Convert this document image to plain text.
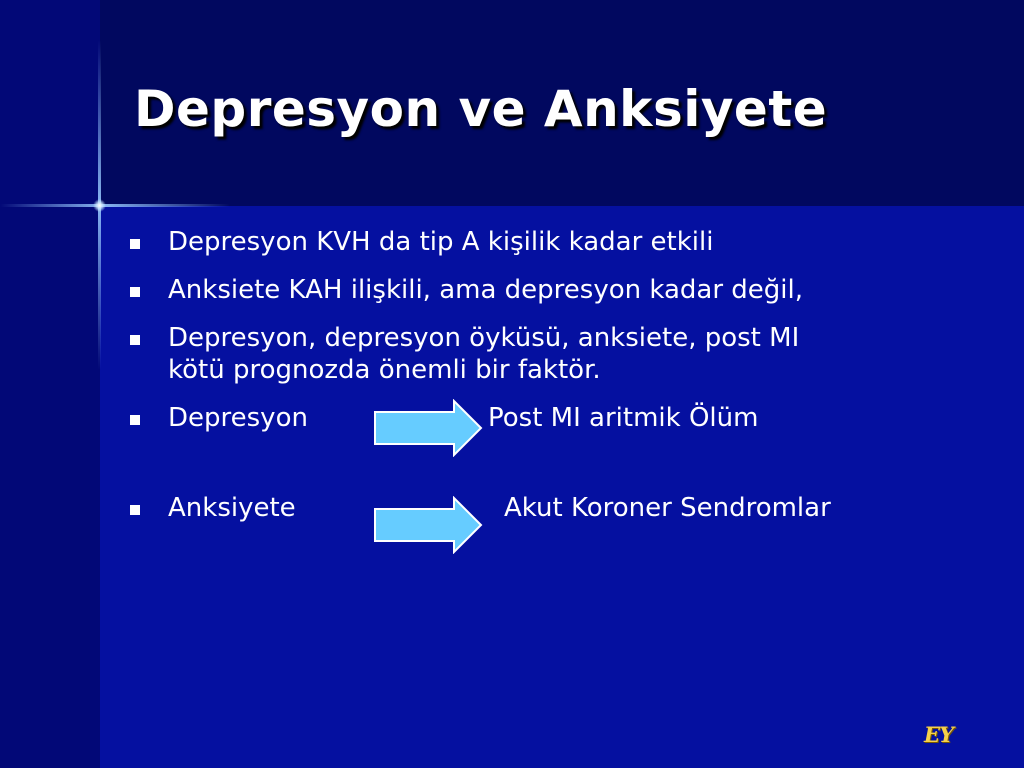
Depresyon ve Anksiyete
Depresyon KVH da tip A kişilik kadar etkili
Anksiete KAH ilişkili, ama depresyon kadar değil,
Depresyon, depresyon öyküsü, anksiete, post MI
kötü prognozda önemli bir faktör.
Depresyon	Post MI aritmik Ölüm
Anksiyete	Akut Koroner Sendromlar
EY
